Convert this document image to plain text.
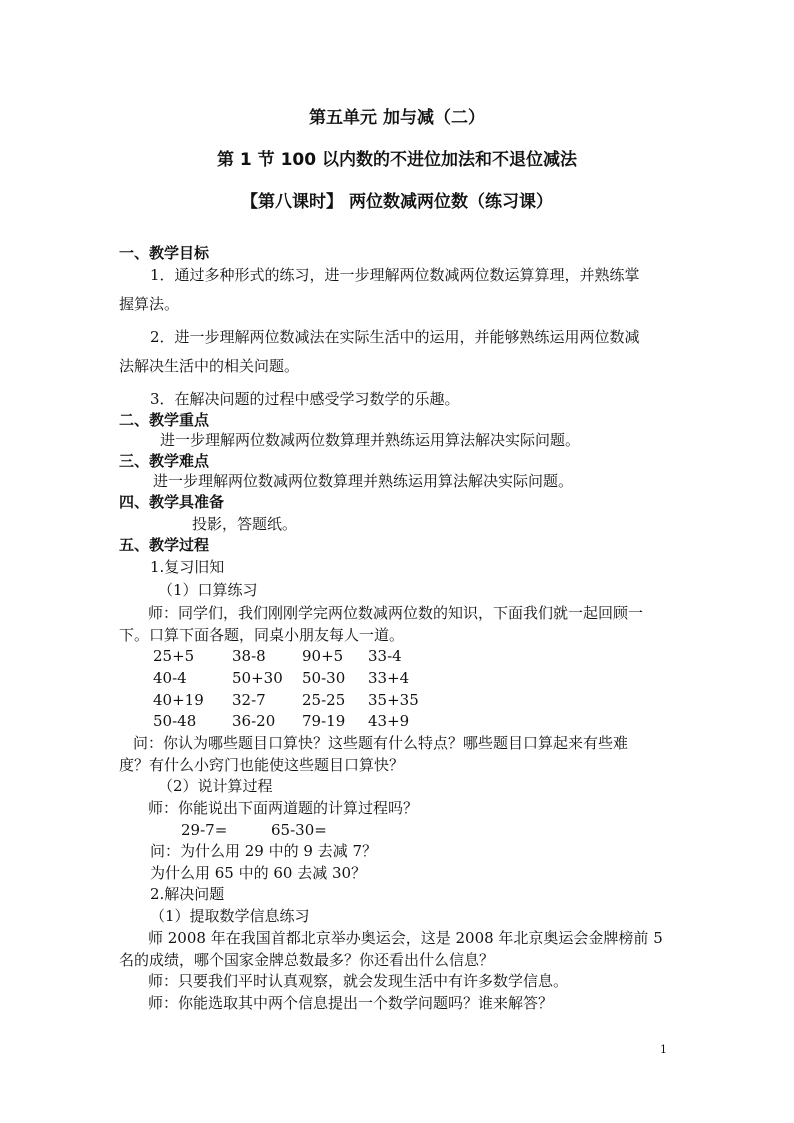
第五单元 加与减（二）
第 1 节 100 以内数的不进位加法和不退位减法
【第八课时】 两位数减两位数（练习课）

一、教学目标

1．通过多种形式的练习，进一步理解两位数减两位数运算算理，并熟练掌

握算法。

2．进一步理解两位数减法在实际生活中的运用，并能够熟练运用两位数减

法解决生活中的相关问题。

3．在解决问题的过程中感受学习数学的乐趣。

二、教学重点

进一步理解两位数减两位数算理并熟练运用算法解决实际问题。

三、教学难点

进一步理解两位数减两位数算理并熟练运用算法解决实际问题。

四、教学具准备

投影，答题纸。

五、教学过程

1.复习旧知

（1）口算练习

师：同学们，我们刚刚学完两位数减两位数的知识，下面我们就一起回顾一

下。口算下面各题，同桌小朋友每人一道。

25+5	38-8 90+5 33-4
40-4	50+30 50-30 33+4
40+19 32-7 25-25 35+35
50-48 36-20 79-19 43+9

问：你认为哪些题目口算快？这些题有什么特点？哪些题目口算起来有些难

度？有什么小窍门也能使这些题目口算快？

（2）说计算过程

师：你能说出下面两道题的计算过程吗？

29-7=	65-30=

问：为什么用 29 中的 9 去减 7？

为什么用 65 中的 60 去减 30？

2.解决问题

（1）提取数学信息练习

师 2008 年在我国首都北京举办奥运会，这是 2008 年北京奥运会金牌榜前 5

名的成绩，哪个国家金牌总数最多？你还看出什么信息？

师：只要我们平时认真观察，就会发现生活中有许多数学信息。

师：你能选取其中两个信息提出一个数学问题吗？谁来解答？

1
